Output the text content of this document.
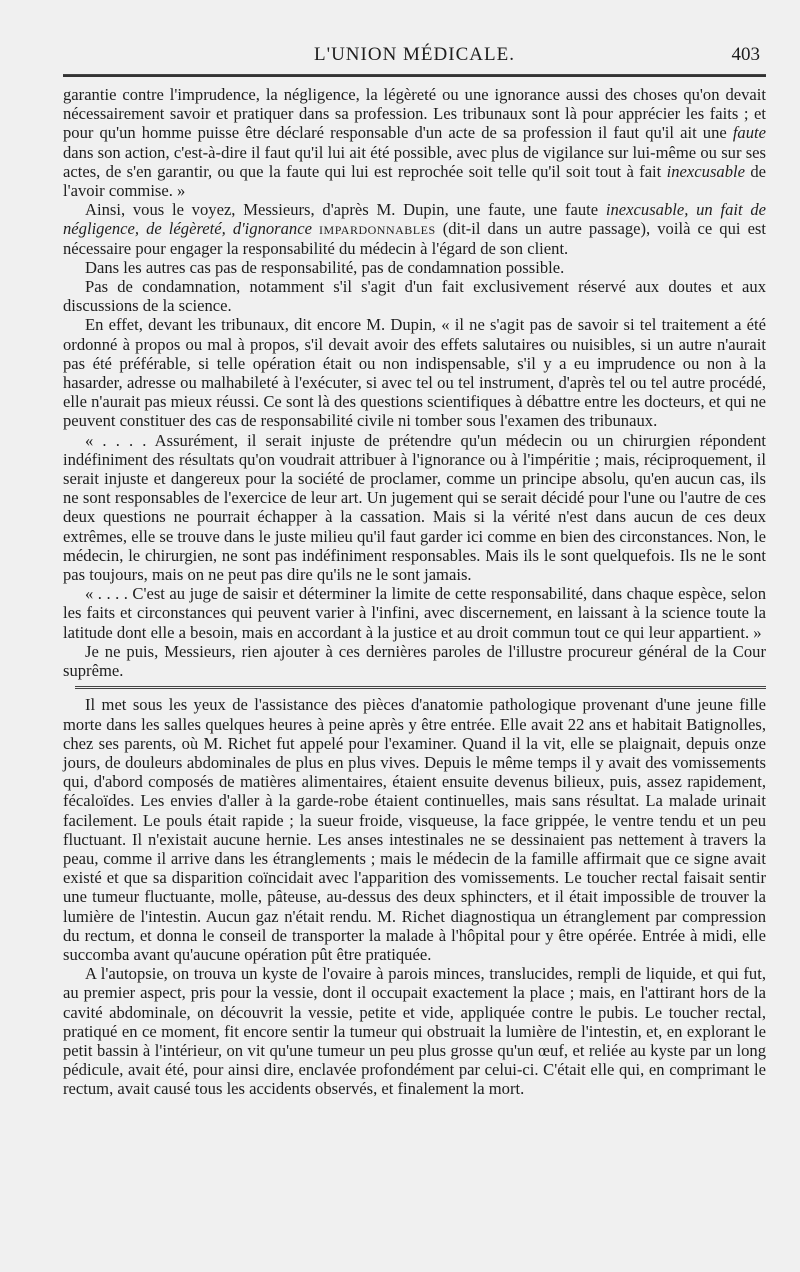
L'UNION MÉDICALE.	403

garantie contre l'imprudence, la négligence, la légèreté ou une ignorance aussi des choses qu'on devait nécessairement savoir et pratiquer dans sa profession. Les tribunaux sont là pour apprécier les faits ; et pour qu'un homme puisse être déclaré responsable d'un acte de sa profession il faut qu'il ait une faute dans son action, c'est-à-dire il faut qu'il lui ait été possible, avec plus de vigilance sur lui-même ou sur ses actes, de s'en garantir, ou que la faute qui lui est reprochée soit telle qu'il soit tout à fait inexcusable de l'avoir commise. »

Ainsi, vous le voyez, Messieurs, d'après M. Dupin, une faute, une faute inexcusable, un fait de négligence, de légèreté, d'ignorance impardonnables (dit-il dans un autre passage), voilà ce qui est nécessaire pour engager la responsabilité du médecin à l'égard de son client.

Dans les autres cas pas de responsabilité, pas de condamnation possible.

Pas de condamnation, notamment s'il s'agit d'un fait exclusivement réservé aux doutes et aux discussions de la science.

En effet, devant les tribunaux, dit encore M. Dupin, « il ne s'agit pas de savoir si tel traitement a été ordonné à propos ou mal à propos, s'il devait avoir des effets salutaires ou nuisibles, si un autre n'aurait pas été préférable, si telle opération était ou non indispensable, s'il y a eu imprudence ou non à la hasarder, adresse ou malhabileté à l'exécuter, si avec tel ou tel instrument, d'après tel ou tel autre procédé, elle n'aurait pas mieux réussi. Ce sont là des questions scientifiques à débattre entre les docteurs, et qui ne peuvent constituer des cas de responsabilité civile ni tomber sous l'examen des tribunaux.

« . . . . Assurément, il serait injuste de prétendre qu'un médecin ou un chirurgien répondent indéfiniment des résultats qu'on voudrait attribuer à l'ignorance ou à l'impéritie ; mais, réciproquement, il serait injuste et dangereux pour la société de proclamer, comme un principe absolu, qu'en aucun cas, ils ne sont responsables de l'exercice de leur art. Un jugement qui se serait décidé pour l'une ou l'autre de ces deux questions ne pourrait échapper à la cassation. Mais si la vérité n'est dans aucun de ces deux extrêmes, elle se trouve dans le juste milieu qu'il faut garder ici comme en bien des circonstances. Non, le médecin, le chirurgien, ne sont pas indéfiniment responsables. Mais ils le sont quelquefois. Ils ne le sont pas toujours, mais on ne peut pas dire qu'ils ne le sont jamais.

« . . . . C'est au juge de saisir et déterminer la limite de cette responsabilité, dans chaque espèce, selon les faits et circonstances qui peuvent varier à l'infini, avec discernement, en laissant à la science toute la latitude dont elle a besoin, mais en accordant à la justice et au droit commun tout ce qui leur appartient. »

Je ne puis, Messieurs, rien ajouter à ces dernières paroles de l'illustre procureur général de la Cour suprême.

Il met sous les yeux de l'assistance des pièces d'anatomie pathologique provenant d'une jeune fille morte dans les salles quelques heures à peine après y être entrée. Elle avait 22 ans et habitait Batignolles, chez ses parents, où M. Richet fut appelé pour l'examiner. Quand il la vit, elle se plaignait, depuis onze jours, de douleurs abdominales de plus en plus vives. Depuis le même temps il y avait des vomissements qui, d'abord composés de matières alimentaires, étaient ensuite devenus bilieux, puis, assez rapidement, fécaloïdes. Les envies d'aller à la garde-robe étaient continuelles, mais sans résultat. La malade urinait facilement. Le pouls était rapide ; la sueur froide, visqueuse, la face grippée, le ventre tendu et un peu fluctuant. Il n'existait aucune hernie. Les anses intestinales ne se dessinaient pas nettement à travers la peau, comme il arrive dans les étranglements ; mais le médecin de la famille affirmait que ce signe avait existé et que sa disparition coïncidait avec l'apparition des vomissements. Le toucher rectal faisait sentir une tumeur fluctuante, molle, pâteuse, au-dessus des deux sphincters, et il était impossible de trouver la lumière de l'intestin. Aucun gaz n'était rendu. M. Richet diagnostiqua un étranglement par compression du rectum, et donna le conseil de transporter la malade à l'hôpital pour y être opérée. Entrée à midi, elle succomba avant qu'aucune opération pût être pratiquée.

A l'autopsie, on trouva un kyste de l'ovaire à parois minces, translucides, rempli de liquide, et qui fut, au premier aspect, pris pour la vessie, dont il occupait exactement la place ; mais, en l'attirant hors de la cavité abdominale, on découvrit la vessie, petite et vide, appliquée contre le pubis. Le toucher rectal, pratiqué en ce moment, fit encore sentir la tumeur qui obstruait la lumière de l'intestin, et, en explorant le petit bassin à l'intérieur, on vit qu'une tumeur un peu plus grosse qu'un œuf, et reliée au kyste par un long pédicule, avait été, pour ainsi dire, enclavée profondément par celui-ci. C'était elle qui, en comprimant le rectum, avait causé tous les accidents observés, et finalement la mort.
